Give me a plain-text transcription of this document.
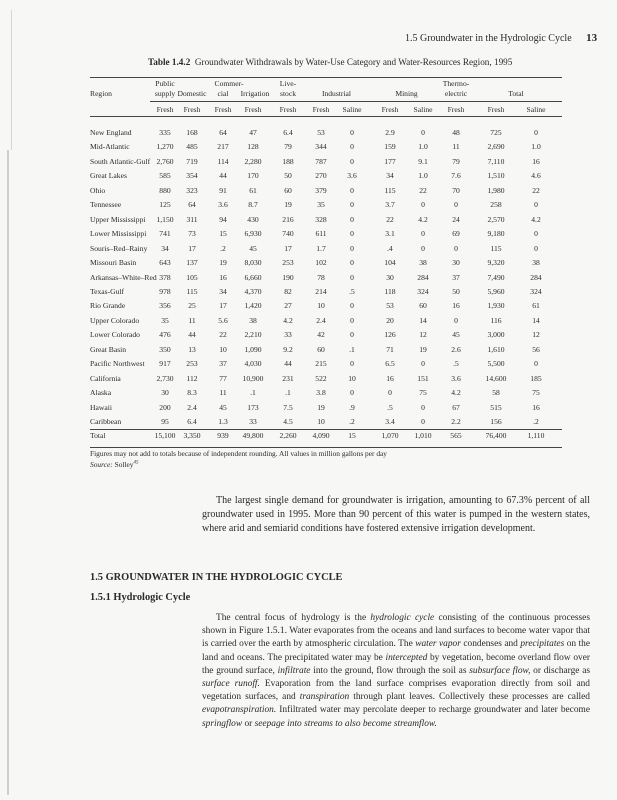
1.5 Groundwater in the Hydrologic Cycle 13
Table 1.4.2 Groundwater Withdrawals by Water-Use Category and Water-Resources Region, 1995
Region
Public
supply Domestic
Commer-
cial	Irrigation
Live-
stock	Industrial	Mining
Thermo-
electric	Total
Fresh	Fresh	Fresh	Fresh	Fresh	Fresh	Saline	Fresh	Saline	Fresh	Fresh	Saline
New England	335	168	64	47	6.4	53	0	2.9	0	48	725	0
Mid-Atlantic	1,270	485	217	128	79	344	0	159	1.0	11	2,690	1.0
South Atlantic-Gulf 2,760	719	114	2,280	188	787	0	177	9.1	79	7,110	16
Great Lakes	585	354	44	170	50	270	3.6	34	1.0	7.6	1,510	4.6
Ohio	880	323	91	61	60	379	0	115	22	70	1,980	22
Tennessee	125	64	3.6	8.7	19	35	0	3.7	0	0	258	0
Upper Mississippi	1,150	311	94	430	216	328	0	22	4.2	24	2,570	4.2
Lower Mississippi	741	73	15	6,930	740	611	0	3.1	0	69	9,180	0
Souris–Red–Rainy	34	17	.2	45	17	1.7	0	.4	0	0	115	0
Missouri Basin	643	137	19	8,030	253	102	0	104	38	30	9,320	38
Arkansas–White–Red 378	105	16	6,660	190	78	0	30	284	37	7,490	284
Texas-Gulf	978	115	34	4,370	82	214	.5	118	324	50	5,960	324
Rio Grande	356	25	17	1,420	27	10	0	53	60	16	1,930	61
Upper Colorado	35	11	5.6	38	4.2	2.4	0	20	14	0	116	14
Lower Colorado	476	44	22	2,210	33	42	0	126	12	45	3,000	12
Great Basin	350	13	10	1,090	9.2	60	.1	71	19	2.6	1,610	56
Pacific Northwest	917	253	37	4,030	44	215	0	6.5	0	.5	5,500	0
California	2,730	112	77	10,900	231	522	10	16	151	3.6	14,600	185
Alaska	30	8.3	11	.1	.1	3.8	0	0	75	4.2	58	75
Hawaii	200	2.4	45	173	7.5	19	.9	.5	0	67	515	16
Caribbean	95	6.4	1.3	33	4.5	10	.2	3.4	0	2.2	156	.2
Total	15,100	3,350	939	49,800	2,260	4,090	15	1,070	1,010	565	76,400	1,110
Figures may not add to totals because of independent rounding. All values in million gallons per day
Source: Solley$^{45}$

The largest single demand for groundwater is irrigation, amounting to 67.3% percent of all groundwater used in 1995. More than 90 percent of this water is pumped in the western states, where arid and semiarid conditions have fostered extensive irrigation development.

1.5 GROUNDWATER IN THE HYDROLOGIC CYCLE
1.5.1 Hydrologic Cycle

The central focus of hydrology is the hydrologic cycle consisting of the continuous processes shown in Figure 1.5.1. Water evaporates from the oceans and land surfaces to become water vapor that is carried over the earth by atmospheric circulation. The water vapor condenses and precipitates on the land and oceans. The precipitated water may be intercepted by vegetation, become overland flow over the ground surface, infiltrate into the ground, flow through the soil as subsurface flow, or discharge as surface runoff. Evaporation from the land surface comprises evaporation directly from soil and vegetation surfaces, and transpiration through plant leaves. Collectively these processes are called evapotranspiration. Infiltrated water may percolate deeper to recharge groundwater and later become springflow or seepage into streams to also become streamflow.
